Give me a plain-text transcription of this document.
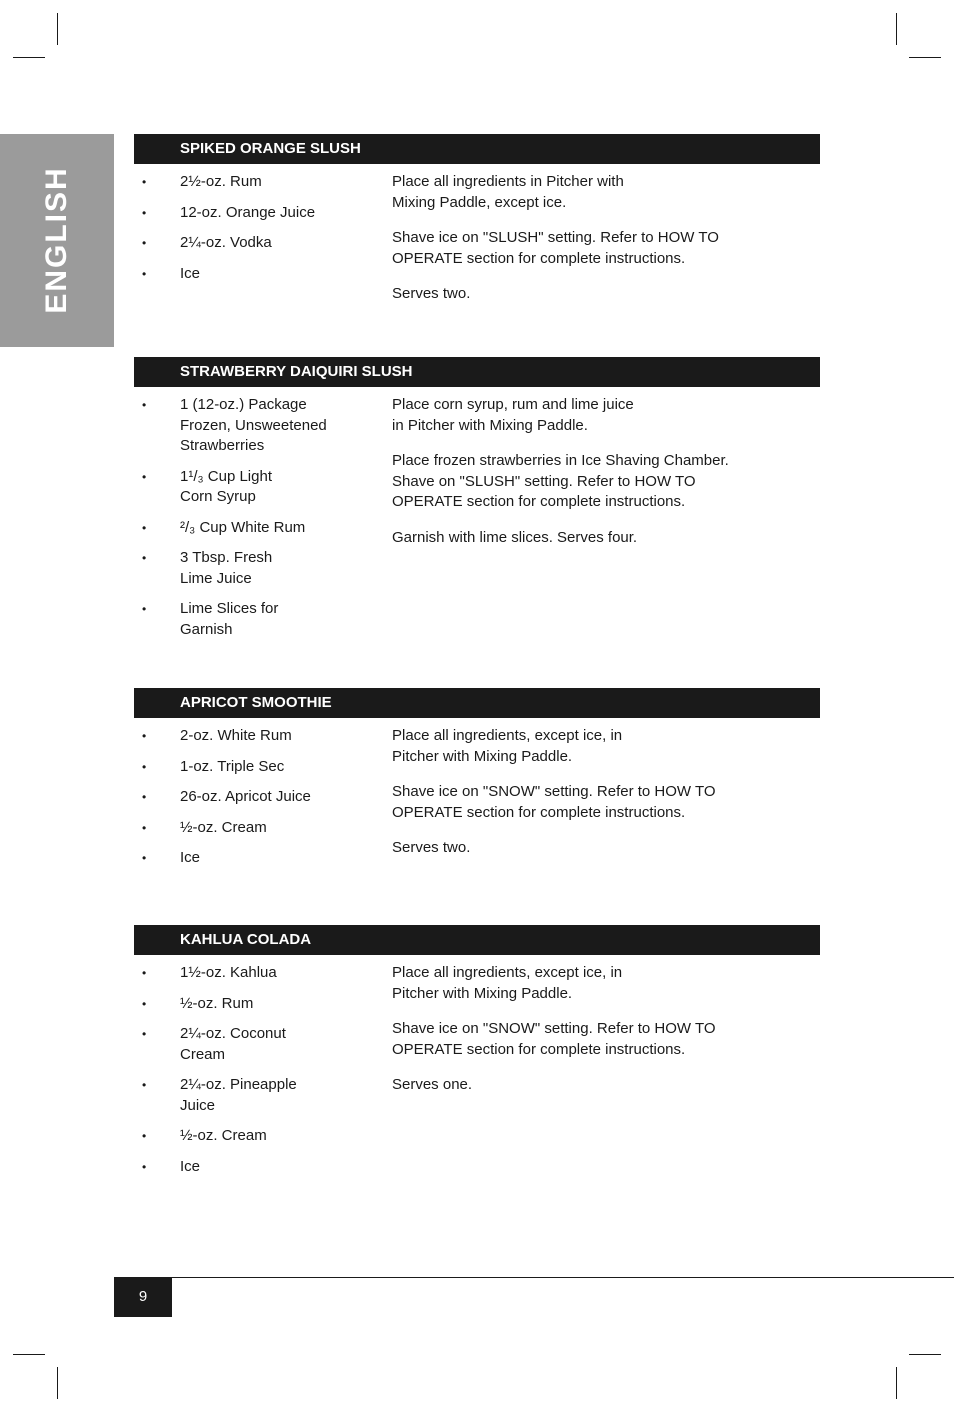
ENGLISH
SPIKED ORANGE SLUSH
• 2½-oz. Rum
• 12-oz. Orange Juice
• 2¼-oz. Vodka
• Ice

Place all ingredients in Pitcher with
Mixing Paddle, except ice.

Shave ice on "SLUSH" setting. Refer to HOW TO
OPERATE section for complete instructions.

Serves two.

STRAWBERRY DAIQUIRI SLUSH
• 1 (12-oz.) Package
Frozen, Unsweetened
Strawberries
• 1¹/₃ Cup Light
Corn Syrup
• ²/₃ Cup White Rum
• 3 Tbsp. Fresh
Lime Juice
• Lime Slices for
Garnish

Place corn syrup, rum and lime juice
in Pitcher with Mixing Paddle.

Place frozen strawberries in Ice Shaving Chamber.
Shave on "SLUSH" setting. Refer to HOW TO
OPERATE section for complete instructions.

Garnish with lime slices. Serves four.

APRICOT SMOOTHIE
• 2-oz. White Rum
• 1-oz. Triple Sec
• 26-oz. Apricot Juice
• ½-oz. Cream
• Ice

Place all ingredients, except ice, in
Pitcher with Mixing Paddle.

Shave ice on "SNOW" setting. Refer to HOW TO
OPERATE section for complete instructions.

Serves two.

KAHLUA COLADA
• 1½-oz. Kahlua
• ½-oz. Rum
• 2¼-oz. Coconut
Cream
• 2¼-oz. Pineapple
Juice
• ½-oz. Cream
• Ice

Place all ingredients, except ice, in
Pitcher with Mixing Paddle.

Shave ice on "SNOW" setting. Refer to HOW TO
OPERATE section for complete instructions.

Serves one.

9
